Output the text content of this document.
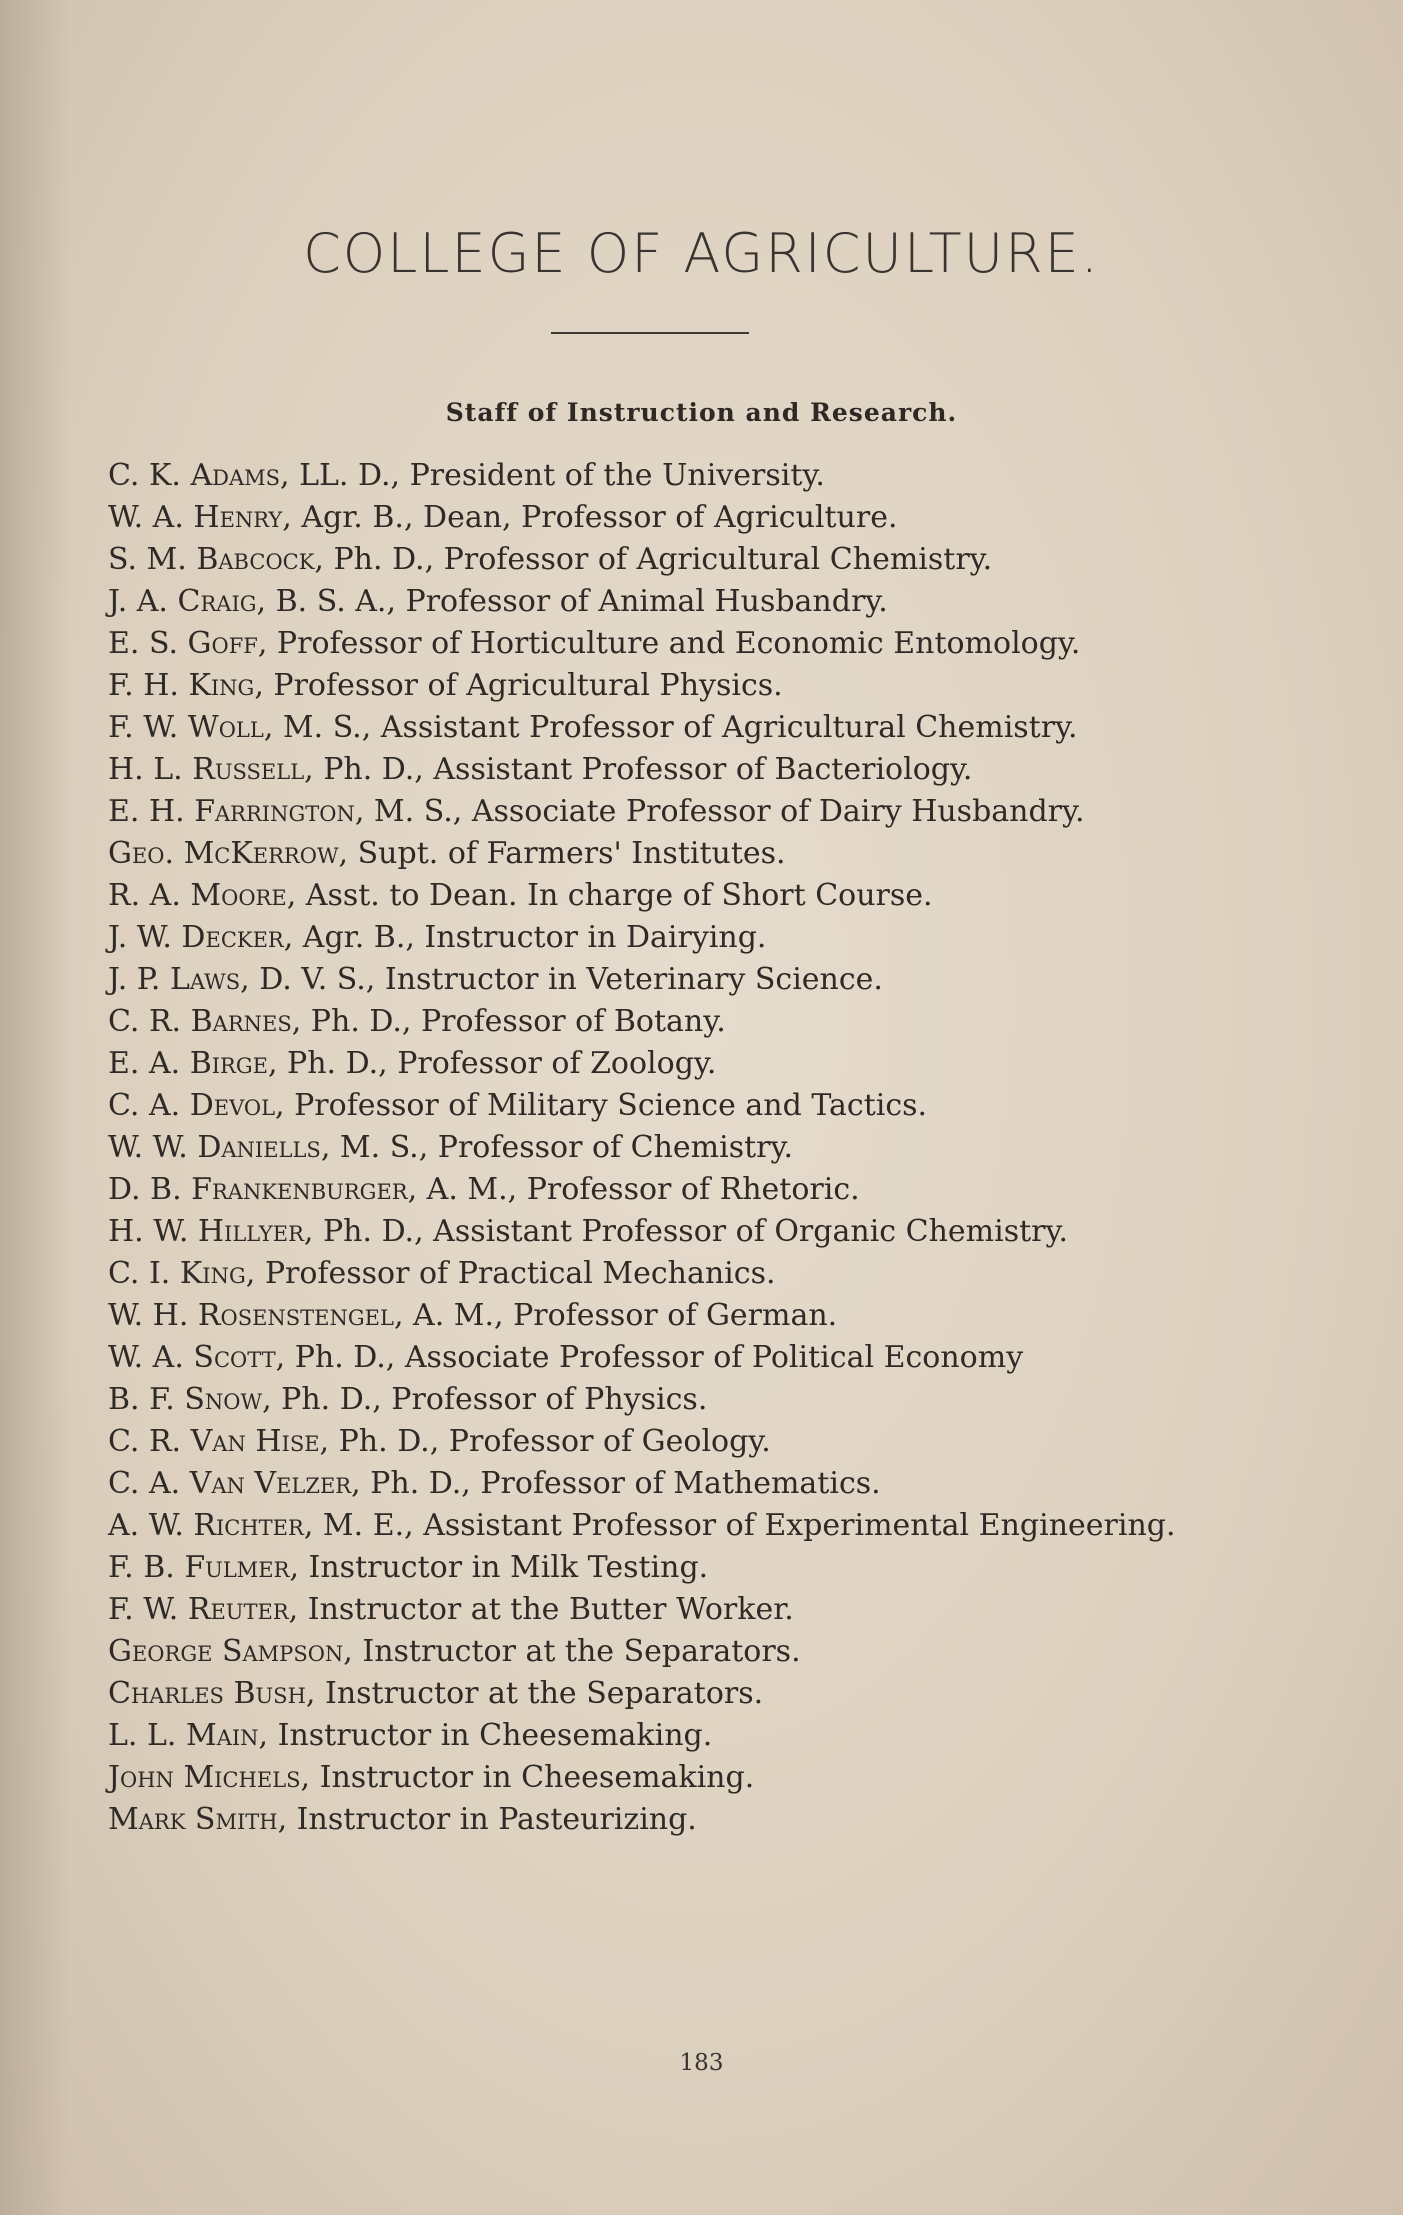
COLLEGE OF AGRICULTURE.
Staff of Instruction and Research.
C. K. Adams, LL. D., President of the University.
W. A. Henry, Agr. B., Dean, Professor of Agriculture.
S. M. Babcock, Ph. D., Professor of Agricultural Chemistry.
J. A. Craig, B. S. A., Professor of Animal Husbandry.
E. S. Goff, Professor of Horticulture and Economic Entomology.
F. H. King, Professor of Agricultural Physics.
F. W. Woll, M. S., Assistant Professor of Agricultural Chemistry.
H. L. Russell, Ph. D., Assistant Professor of Bacteriology.
E. H. Farrington, M. S., Associate Professor of Dairy Husbandry.
Geo. McKerrow, Supt. of Farmers' Institutes.
R. A. Moore, Asst. to Dean. In charge of Short Course.
J. W. Decker, Agr. B., Instructor in Dairying.
J. P. Laws, D. V. S., Instructor in Veterinary Science.
C. R. Barnes, Ph. D., Professor of Botany.
E. A. Birge, Ph. D., Professor of Zoology.
C. A. Devol, Professor of Military Science and Tactics.
W. W. Daniells, M. S., Professor of Chemistry.
D. B. Frankenburger, A. M., Professor of Rhetoric.
H. W. Hillyer, Ph. D., Assistant Professor of Organic Chemistry.
C. I. King, Professor of Practical Mechanics.
W. H. Rosenstengel, A. M., Professor of German.
W. A. Scott, Ph. D., Associate Professor of Political Economy
B. F. Snow, Ph. D., Professor of Physics.
C. R. Van Hise, Ph. D., Professor of Geology.
C. A. Van Velzer, Ph. D., Professor of Mathematics.
A. W. Richter, M. E., Assistant Professor of Experimental Engineering.
F. B. Fulmer, Instructor in Milk Testing.
F. W. Reuter, Instructor at the Butter Worker.
George Sampson, Instructor at the Separators.
Charles Bush, Instructor at the Separators.
L. L. Main, Instructor in Cheesemaking.
John Michels, Instructor in Cheesemaking.
Mark Smith, Instructor in Pasteurizing.
183
